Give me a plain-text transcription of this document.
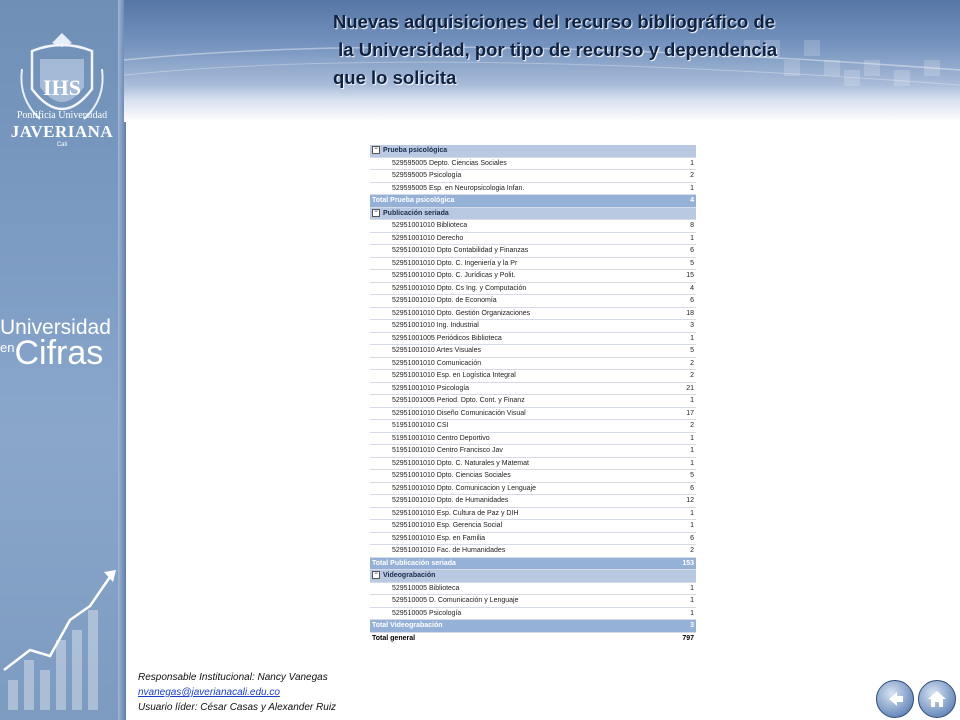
IHS
Pontificia Universidad
JAVERIANA
Cali
Universidad
$^{en}$Cifras
Nuevas adquisiciones del recurso bibliográfico de
la Universidad, por tipo de recurso y dependencia
que lo solicita
− Prueba psicológica	
529595005 Depto. Ciencias Sociales	1
529595005 Psicología	2
529595005 Esp. en Neuropsicologia Infan.	1
Total Prueba psicológica	4
− Publicación seriada	
52951001010 Biblioteca	8
52951001010 Derecho	1
52951001010 Dpto Contabilidad y Finanzas	6
52951001010 Dpto. C. Ingeniería y la Pr	5
52951001010 Dpto. C. Jurídicas y Polit.	15
52951001010 Dpto. Cs Ing. y Computación	4
52951001010 Dpto. de Economía	6
52951001010 Dpto. Gestión Organizaciones	18
52951001010 Ing. Industrial	3
52951001005 Periódicos Biblioteca	1
52951001010 Artes Visuales	5
52951001010 Comunicación	2
52951001010 Esp. en Logística Integral	2
52951001010 Psicología	21
52951001005 Period. Dpto. Cont. y Finanz	1
52951001010 Diseño Comunicación Visual	17
51951001010 CSI	2
51951001010 Centro Deportivo	1
51951001010 Centro Francisco Jav	1
52951001010 Dpto. C. Naturales y Matemat	1
52951001010 Dpto. Ciencias Sociales	5
52951001010 Dpto. Comunicacion y Lenguaje	6
52951001010 Dpto. de Humanidades	12
52951001010 Esp. Cultura de Paz y DIH	1
52951001010 Esp. Gerencia Social	1
52951001010 Esp. en Familia	6
52951001010 Fac. de Humanidades	2
Total Publicación seriada	153
− Videograbación	
529510005 Biblioteca	1
529510005 D. Comunicación y Lenguaje	1
529510005 Psicología	1
Total Videograbación	3
Total general	797
Responsable Institucional: Nancy Vanegas
nvanegas@javerianacali.edu.co
Usuario líder: César Casas y Alexander Ruiz
